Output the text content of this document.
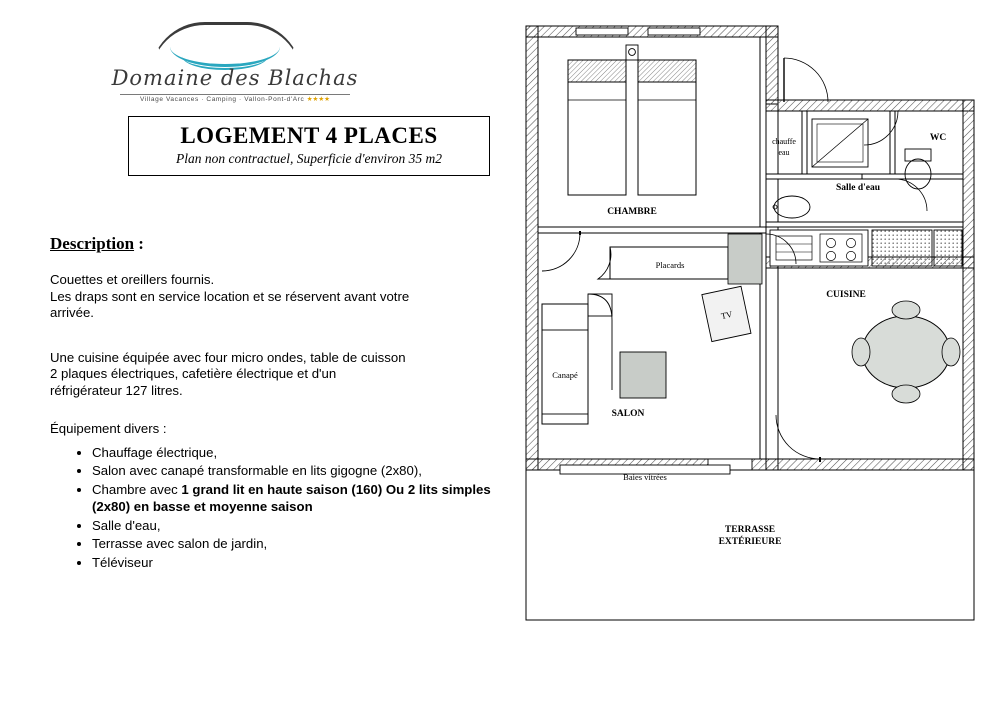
Domaine des Blachas
Village Vacances · Camping · Vallon-Pont-d'Arc ★★★★
LOGEMENT 4 PLACES
Plan non contractuel, Superficie d'environ 35 m2
Description :
Couettes et oreillers fournis.
Les draps sont en service location et se réservent avant votre
arrivée.
Une cuisine équipée avec four micro ondes, table de cuisson
2 plaques électriques, cafetière électrique et d'un
réfrigérateur 127 litres.
Équipement divers :
• Chauffage électrique,
• Salon avec canapé transformable en lits gigogne (2x80),
• Chambre avec 1 grand lit en haute saison (160) Ou 2 lits simples (2x80) en basse et moyenne saison
• Salle d'eau,
• Terrasse avec salon de jardin,
• Téléviseur
CHAMBRE
Placards
Canapé
TV
SALON
chauffe
eau
Salle d'eau
WC
CUISINE
Baies vitrées
TERRASSE
EXTÉRIEURE
